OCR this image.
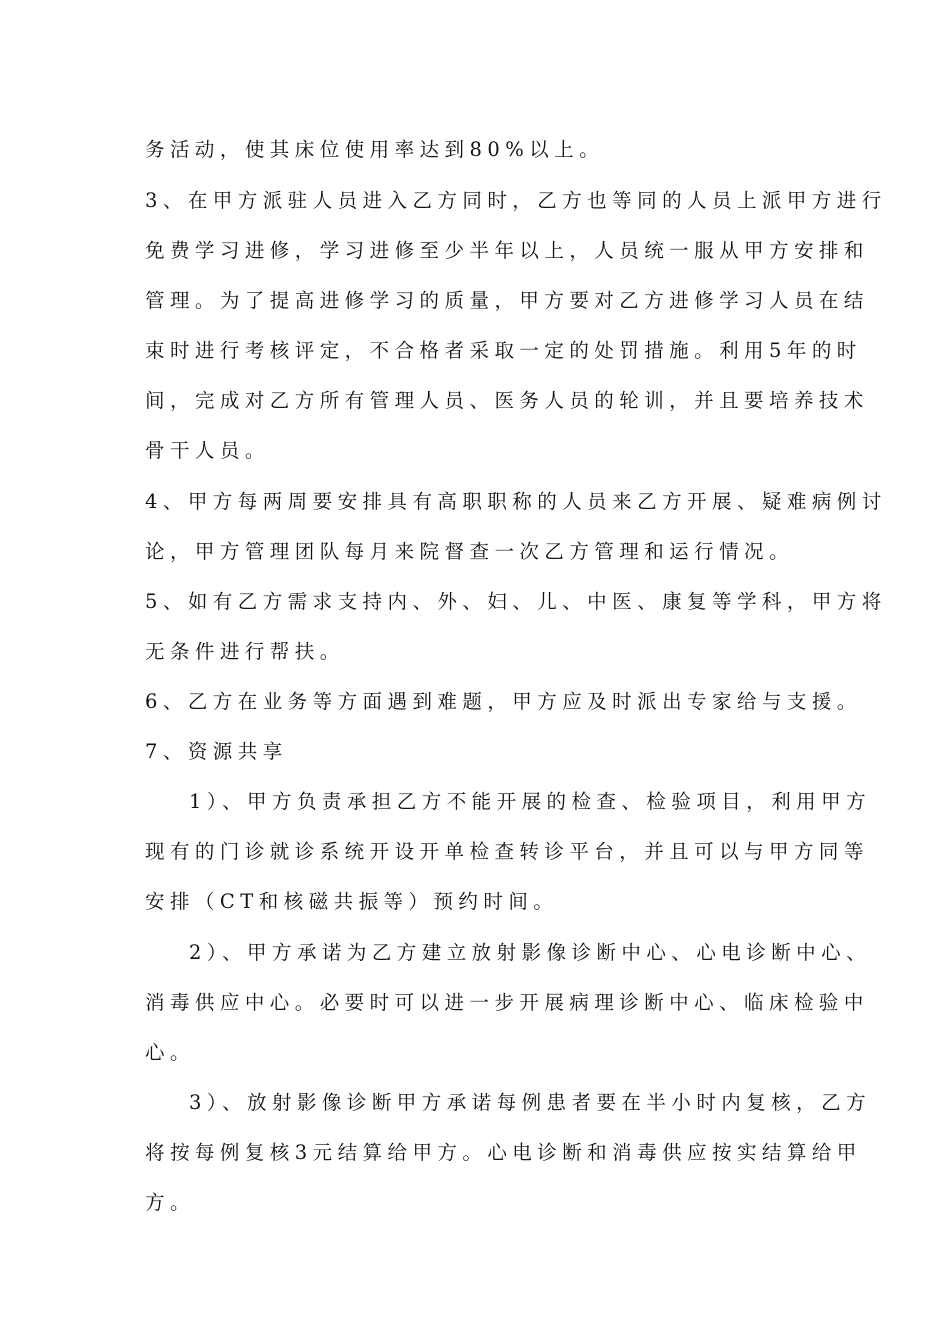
务活动，使其床位使用率达到80%以上。
3、在甲方派驻人员进入乙方同时，乙方也等同的人员上派甲方进行
免费学习进修，学习进修至少半年以上，人员统一服从甲方安排和
管理。为了提高进修学习的质量，甲方要对乙方进修学习人员在结
束时进行考核评定，不合格者采取一定的处罚措施。利用5年的时
间，完成对乙方所有管理人员、医务人员的轮训，并且要培养技术
骨干人员。
4、甲方每两周要安排具有高职职称的人员来乙方开展、疑难病例讨
论，甲方管理团队每月来院督查一次乙方管理和运行情况。
5、如有乙方需求支持内、外、妇、儿、中医、康复等学科，甲方将
无条件进行帮扶。
6、乙方在业务等方面遇到难题，甲方应及时派出专家给与支援。
7、资源共享
1）、甲方负责承担乙方不能开展的检查、检验项目，利用甲方
现有的门诊就诊系统开设开单检查转诊平台，并且可以与甲方同等
安排（CT和核磁共振等）预约时间。
2）、甲方承诺为乙方建立放射影像诊断中心、心电诊断中心、
消毒供应中心。必要时可以进一步开展病理诊断中心、临床检验中
心。
3）、放射影像诊断甲方承诺每例患者要在半小时内复核，乙方
将按每例复核3元结算给甲方。心电诊断和消毒供应按实结算给甲
方。
